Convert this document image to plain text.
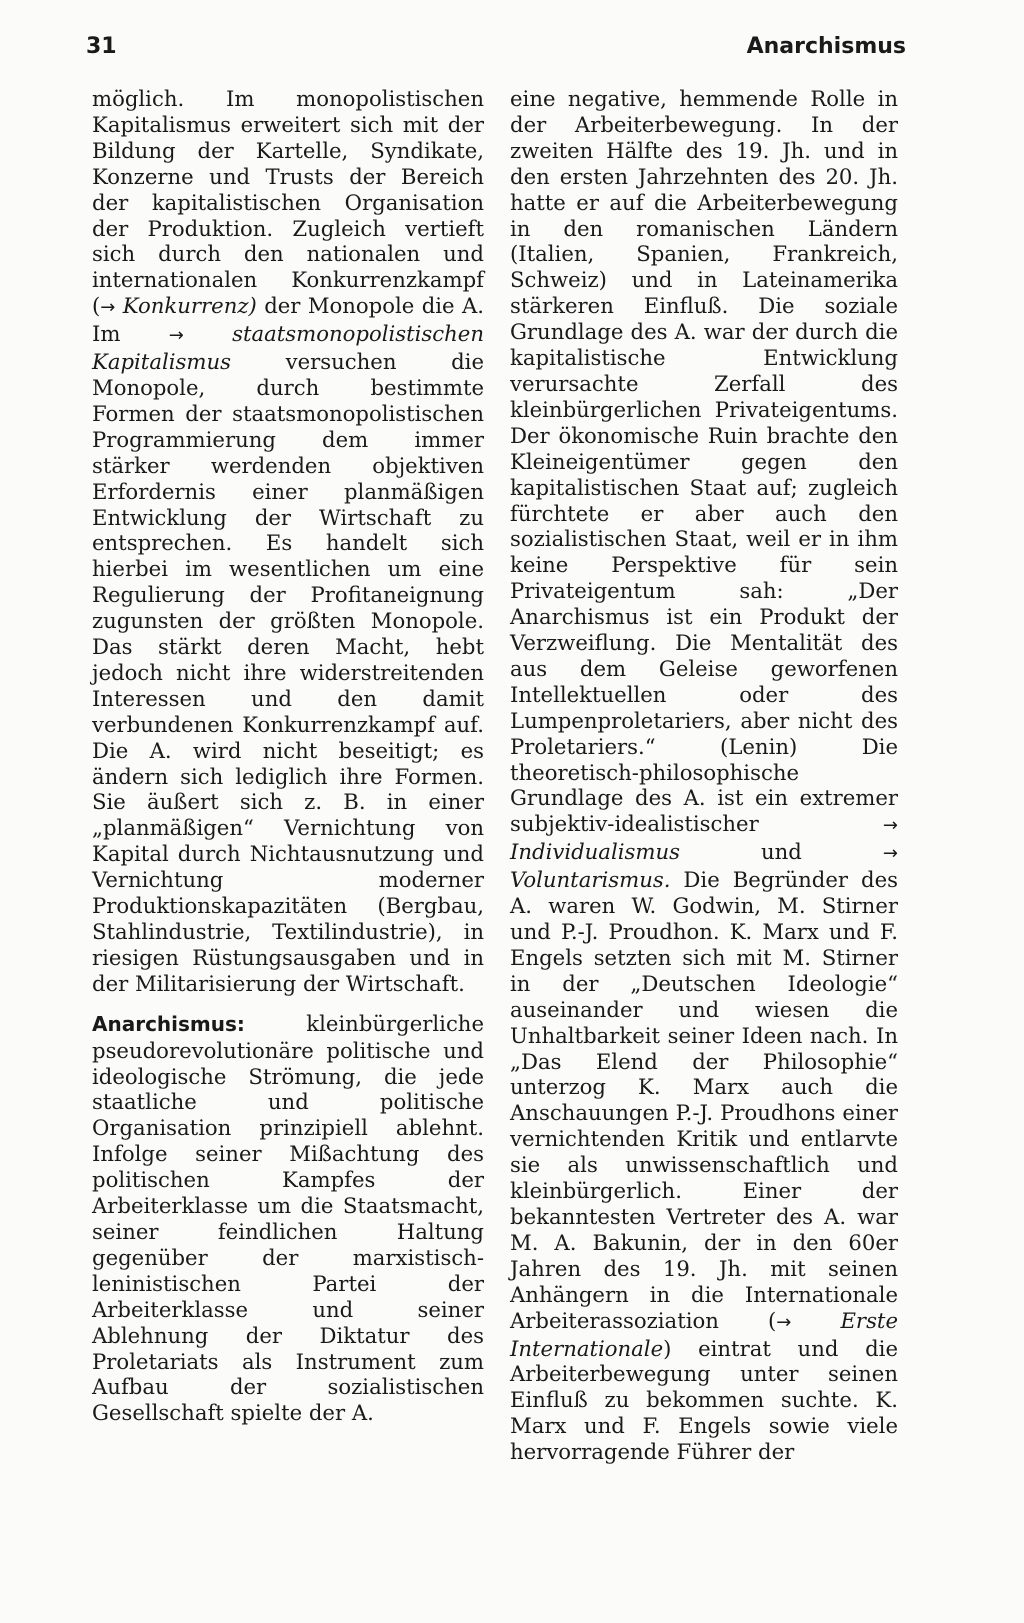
31	Anarchismus

möglich. Im monopolistischen Kapitalismus erweitert sich mit der Bildung der Kartelle, Syndikate, Konzerne und Trusts der Bereich der kapitalistischen Organisation der Produktion. Zugleich vertieft sich durch den nationalen und internationalen Konkurrenzkampf (→ Konkurrenz) der Monopole die A. Im → staatsmonopolistischen Kapitalismus versuchen die Monopole, durch bestimmte Formen der staatsmonopolistischen Programmierung dem immer stärker werdenden objektiven Erfordernis einer planmäßigen Entwicklung der Wirtschaft zu entsprechen. Es handelt sich hierbei im wesentlichen um eine Regulierung der Profitaneignung zugunsten der größten Monopole. Das stärkt deren Macht, hebt jedoch nicht ihre widerstreitenden Interessen und den damit verbundenen Konkurrenzkampf auf. Die A. wird nicht beseitigt; es ändern sich lediglich ihre Formen. Sie äußert sich z. B. in einer „planmäßigen“ Vernichtung von Kapital durch Nichtausnutzung und Vernichtung moderner Produktionskapazitäten (Bergbau, Stahlindustrie, Textilindustrie), in riesigen Rüstungsausgaben und in der Militarisierung der Wirtschaft.

Anarchismus: kleinbürgerliche pseudorevolutionäre politische und ideologische Strömung, die jede staatliche und politische Organisation prinzipiell ablehnt. Infolge seiner Mißachtung des politischen Kampfes der Arbeiterklasse um die Staatsmacht, seiner feindlichen Haltung gegenüber der marxistisch-leninistischen Partei der Arbeiterklasse und seiner Ablehnung der Diktatur des Proletariats als Instrument zum Aufbau der sozialistischen Gesellschaft spielte der A.

eine negative, hemmende Rolle in der Arbeiterbewegung. In der zweiten Hälfte des 19. Jh. und in den ersten Jahrzehnten des 20. Jh. hatte er auf die Arbeiterbewegung in den romanischen Ländern (Italien, Spanien, Frankreich, Schweiz) und in Lateinamerika stärkeren Einfluß. Die soziale Grundlage des A. war der durch die kapitalistische Entwicklung verursachte Zerfall des kleinbürgerlichen Privateigentums. Der ökonomische Ruin brachte den Kleineigentümer gegen den kapitalistischen Staat auf; zugleich fürchtete er aber auch den sozialistischen Staat, weil er in ihm keine Perspektive für sein Privateigentum sah: „Der Anarchismus ist ein Produkt der Verzweiflung. Die Mentalität des aus dem Geleise geworfenen Intellektuellen oder des Lumpenproletariers, aber nicht des Proletariers.“ (Lenin) Die theoretisch-philosophische Grundlage des A. ist ein extremer subjektiv-idealistischer → Individualismus und → Voluntarismus. Die Begründer des A. waren W. Godwin, M. Stirner und P.-J. Proudhon. K. Marx und F. Engels setzten sich mit M. Stirner in der „Deutschen Ideologie“ auseinander und wiesen die Unhaltbarkeit seiner Ideen nach. In „Das Elend der Philosophie“ unterzog K. Marx auch die Anschauungen P.-J. Proudhons einer vernichtenden Kritik und entlarvte sie als unwissenschaftlich und kleinbürgerlich. Einer der bekanntesten Vertreter des A. war M. A. Bakunin, der in den 60er Jahren des 19. Jh. mit seinen Anhängern in die Internationale Arbeiterassoziation (→ Erste Internationale) eintrat und die Arbeiterbewegung unter seinen Einfluß zu bekommen suchte. K. Marx und F. Engels sowie viele hervorragende Führer der
